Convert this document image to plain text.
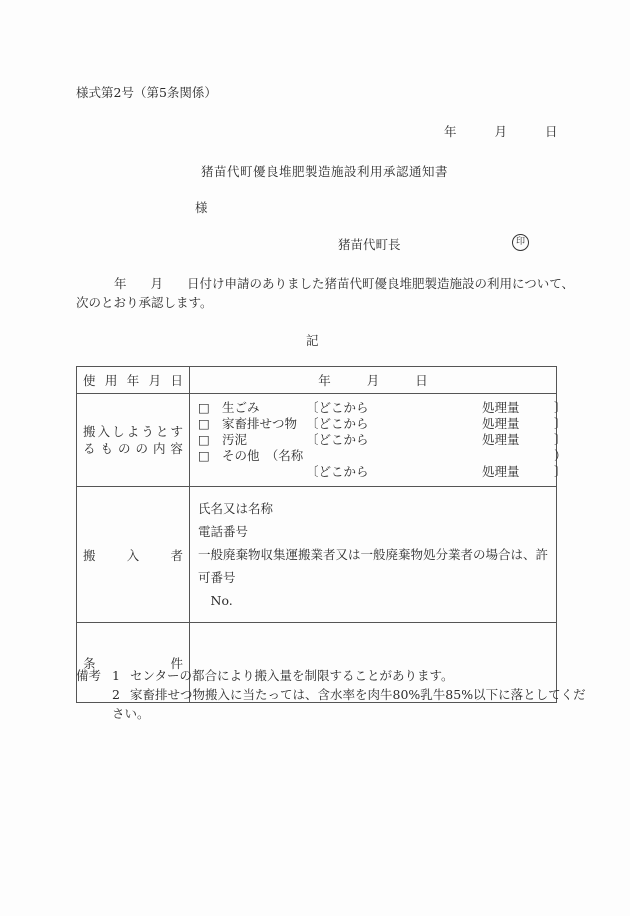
様式第2号（第5条関係）
年	月	日
猪苗代町優良堆肥製造施設利用承認通知書
様
猪苗代町長	印
年 月 日付け申請のありました猪苗代町優良堆肥製造施設の利用について、
次のとおり承認します。
記
使 用 年 月 日	年 月 日

搬 入 し よ う と す
る も の の 内 容

□ 生ごみ	〔どこから	処理量	〕
□ 家畜排せつ物 〔どこから	処理量	〕
□ 汚泥	〔どこから	処理量	〕
□ その他　（名称	）
〔どこから	処理量	〕

搬 入 者

氏名又は名称
電話番号
一般廃棄物収集運搬業者又は一般廃棄物処分業者の場合は、許可番号
　No.

条 件	

備考 1 センターの都合により搬入量を制限することがあります。
2 家畜排せつ物搬入に当たっては、含水率を肉牛80%乳牛85%以下に落としてくだ
さい。
